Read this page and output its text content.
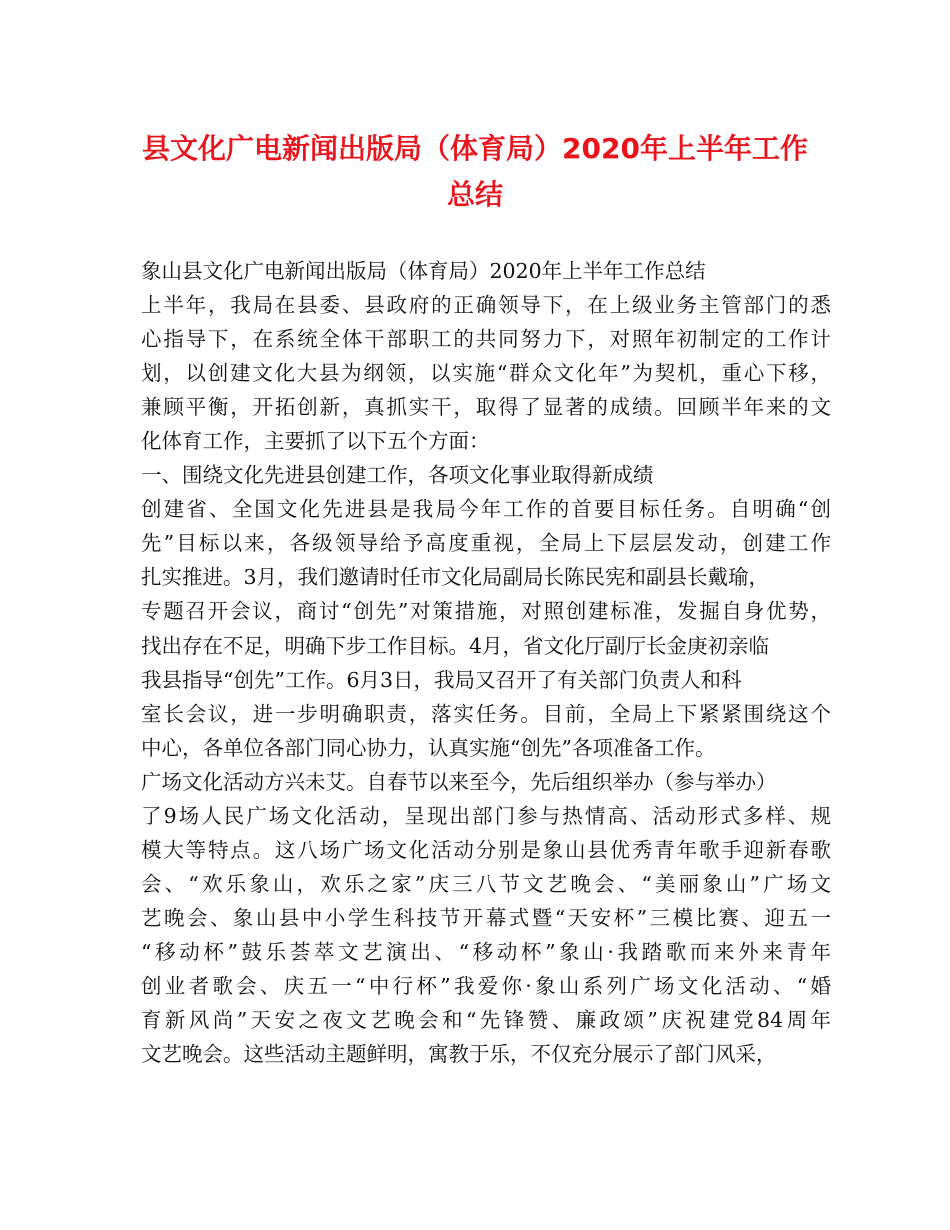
县文化广电新闻出版局（体育局）2020年上半年工作
总结

象山县文化广电新闻出版局（体育局）2020年上半年工作总结

上半年，我局在县委、县政府的正确领导下，在上级业务主管部门的悉

心指导下，在系统全体干部职工的共同努力下，对照年初制定的工作计

划，以创建文化大县为纲领，以实施“群众文化年”为契机，重心下移，

兼顾平衡，开拓创新，真抓实干，取得了显著的成绩。回顾半年来的文

化体育工作，主要抓了以下五个方面：

一、围绕文化先进县创建工作，各项文化事业取得新成绩

创建省、全国文化先进县是我局今年工作的首要目标任务。自明确“创

先”目标以来，各级领导给予高度重视，全局上下层层发动，创建工作

扎实推进。3月，我们邀请时任市文化局副局长陈民宪和副县长戴瑜，

专题召开会议，商讨“创先”对策措施，对照创建标准，发掘自身优势，

找出存在不足，明确下步工作目标。4月，省文化厅副厅长金庚初亲临

我县指导“创先”工作。6月3日，我局又召开了有关部门负责人和科

室长会议，进一步明确职责，落实任务。目前，全局上下紧紧围绕这个

中心，各单位各部门同心协力，认真实施“创先”各项准备工作。

广场文化活动方兴未艾。自春节以来至今，先后组织举办（参与举办）

了9场人民广场文化活动，呈现出部门参与热情高、活动形式多样、规

模大等特点。这八场广场文化活动分别是象山县优秀青年歌手迎新春歌

会、“欢乐象山，欢乐之家”庆三八节文艺晚会、“美丽象山”广场文

艺晚会、象山县中小学生科技节开幕式暨“天安杯”三模比赛、迎五一

“移动杯”鼓乐荟萃文艺演出、“移动杯”象山·我踏歌而来外来青年

创业者歌会、庆五一“中行杯”我爱你·象山系列广场文化活动、“婚

育新风尚”天安之夜文艺晚会和“先锋赞、廉政颂”庆祝建党84周年

文艺晚会。这些活动主题鲜明，寓教于乐，不仅充分展示了部门风采，
